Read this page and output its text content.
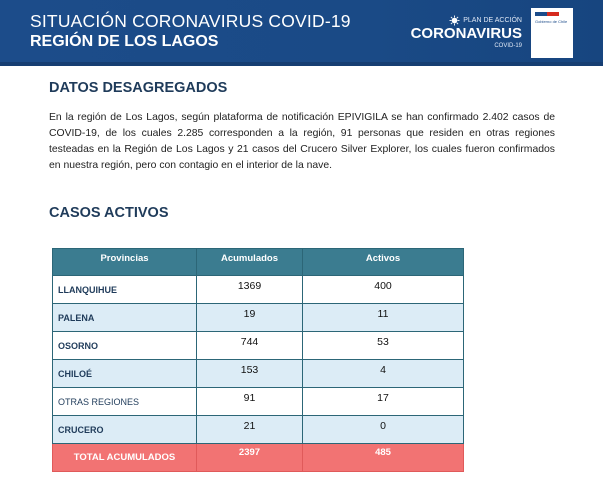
SITUACIÓN CORONAVIRUS COVID-19
REGIÓN DE LOS LAGOS
PLAN DE ACCIÓN
CORONAVIRUS
COVID-19
Gobierno de Chile
DATOS DESAGREGADOS
En la región de Los Lagos, según plataforma de notificación EPIVIGILA se han confirmado 2.402 casos de COVID-19, de los cuales 2.285 corresponden a la región, 91 personas que residen en otras regiones testeadas en la Región de Los Lagos y 21 casos del Crucero Silver Explorer, los cuales fueron confirmados en nuestra región, pero con contagio en el interior de la nave.
CASOS ACTIVOS
Provincias	Acumulados	Activos
LLANQUIHUE	1369	400
PALENA	19	11
OSORNO	744	53
CHILOÉ	153	4
OTRAS REGIONES	91	17
CRUCERO	21	0
TOTAL ACUMULADOS	2397	485
